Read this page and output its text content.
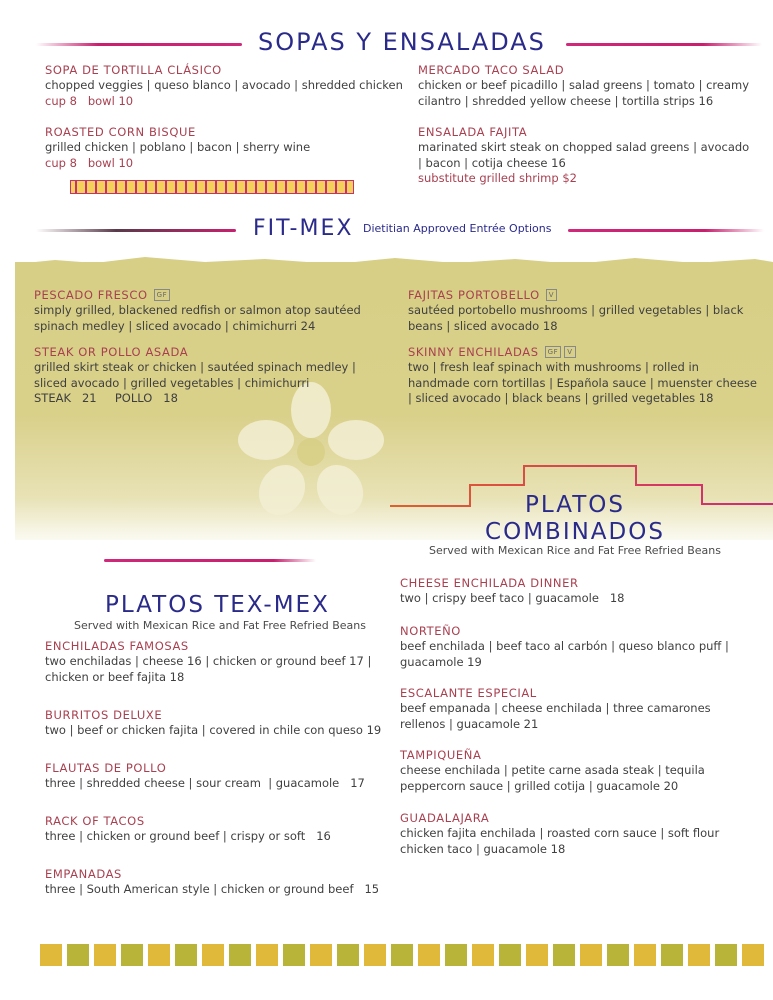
SOPAS Y ENSALADAS
SOPA DE TORTILLA CLÁSICO
chopped veggies | queso blanco | avocado | shredded chicken
cup 8   bowl 10
ROASTED CORN BISQUE
grilled chicken | poblano | bacon | sherry wine
cup 8   bowl 10
MERCADO TACO SALAD
chicken or beef picadillo | salad greens | tomato | creamy cilantro | shredded yellow cheese | tortilla strips 16
ENSALADA FAJITA
marinated skirt steak on chopped salad greens | avocado | bacon | cotija cheese 16
substitute grilled shrimp $2
FIT-MEX Dietitian Approved Entrée Options
PESCADO FRESCO GF
simply grilled, blackened redfish or salmon atop sautéed spinach medley | sliced avocado | chimichurri 24
STEAK OR POLLO ASADA
grilled skirt steak or chicken | sautéed spinach medley | sliced avocado | grilled vegetables | chimichurri
STEAK   21     POLLO   18
FAJITAS PORTOBELLO V
sautéed portobello mushrooms | grilled vegetables | black beans | sliced avocado 18
SKINNY ENCHILADAS GF V
two | fresh leaf spinach with mushrooms | rolled in handmade corn tortillas | Española sauce | muenster cheese | sliced avocado | black beans | grilled vegetables 18
PLATOS
COMBINADOS
Served with Mexican Rice and Fat Free Refried Beans
PLATOS TEX-MEX
Served with Mexican Rice and Fat Free Refried Beans
ENCHILADAS FAMOSAS
two enchiladas | cheese 16 | chicken or ground beef 17 | chicken or beef fajita 18
BURRITOS DELUXE
two | beef or chicken fajita | covered in chile con queso 19
FLAUTAS DE POLLO
three | shredded cheese | sour cream  | guacamole   17
RACK OF TACOS
three | chicken or ground beef | crispy or soft   16
EMPANADAS
three | South American style | chicken or ground beef   15
CHEESE ENCHILADA DINNER
two | crispy beef taco | guacamole   18
NORTEÑO
beef enchilada | beef taco al carbón | queso blanco puff | guacamole 19
ESCALANTE ESPECIAL
beef empanada | cheese enchilada | three camarones rellenos | guacamole 21
TAMPIQUEÑA
cheese enchilada | petite carne asada steak | tequila peppercorn sauce | grilled cotija | guacamole 20
GUADALAJARA
chicken fajita enchilada | roasted corn sauce | soft flour chicken taco | guacamole 18
